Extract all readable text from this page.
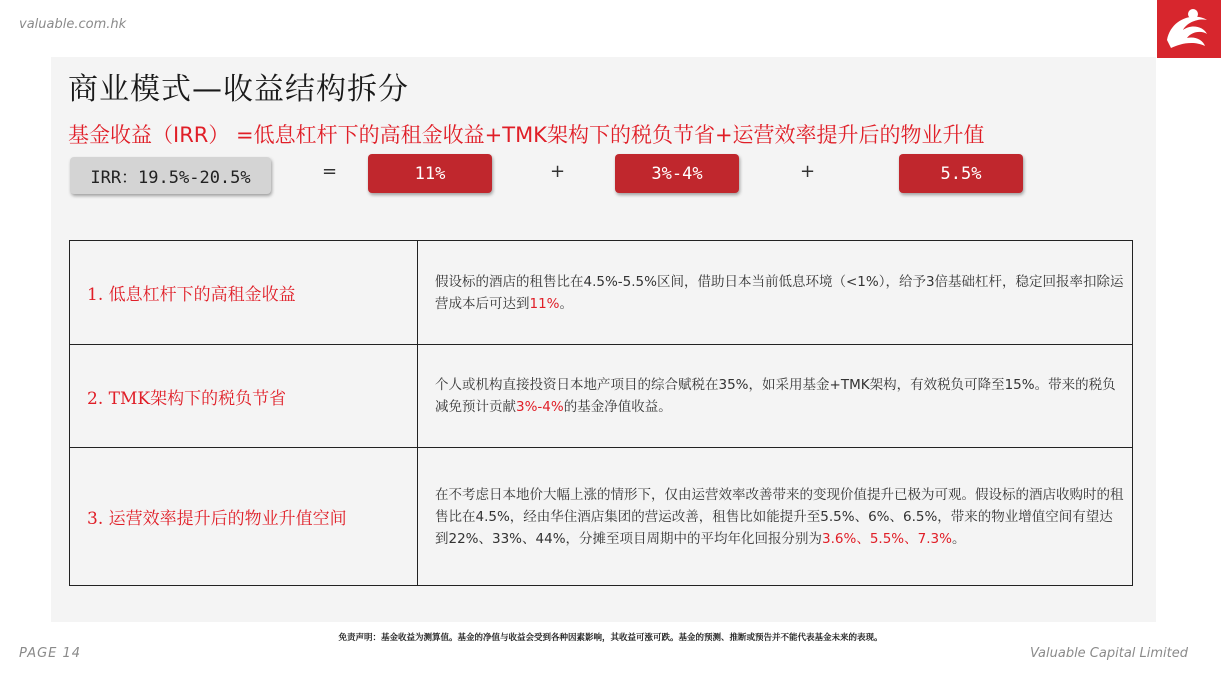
valuable.com.hk
商业模式—收益结构拆分
基金收益（IRR） =低息杠杆下的高租金收益+TMK架构下的税负节省+运营效率提升后的物业升值
IRR：19.5%-20.5%	=	11%	+	3%-4%	+	5.5%
1. 低息杠杆下的高租金收益	假设标的酒店的租售比在4.5%-5.5%区间，借助日本当前低息环境（<1%），给予3倍基础杠杆，稳定回报率扣除运营成本后可达到11%。
2. TMK架构下的税负节省	个人或机构直接投资日本地产项目的综合赋税在35%，如采用基金+TMK架构，有效税负可降至15%。带来的税负减免预计贡献3%-4%的基金净值收益。
3. 运营效率提升后的物业升值空间	在不考虑日本地价大幅上涨的情形下，仅由运营效率改善带来的变现价值提升已极为可观。假设标的酒店收购时的租售比在4.5%，经由华住酒店集团的营运改善，租售比如能提升至5.5%、6%、6.5%，带来的物业增值空间有望达到22%、33%、44%，分摊至项目周期中的平均年化回报分别为3.6%、5.5%、7.3%。
免责声明：基金收益为测算值。基金的净值与收益会受到各种因素影响，其收益可涨可跌。基金的预测、推断或预告并不能代表基金未来的表现。
PAGE 14	Valuable Capital Limited
